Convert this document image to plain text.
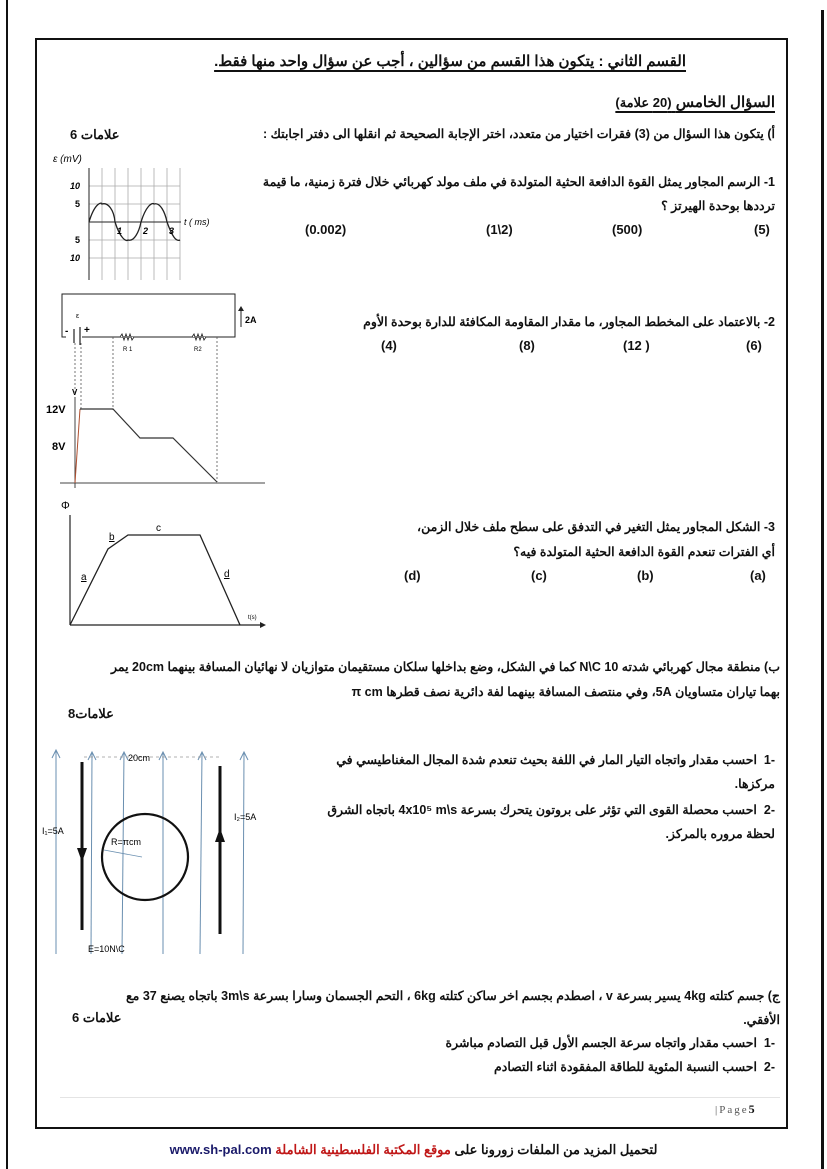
القسم الثاني : يتكون هذا القسم من سؤالين ، أجب عن سؤال واحد منها فقط.
السؤال الخامس (20 علامة)
أ) يتكون هذا السؤال من (3) فقرات اختيار من متعدد، اختر الإجابة الصحيحة ثم انقلها الى دفتر اجابتك :
6 علامات
1- الرسم المجاور يمثل القوة الدافعة الحثية المتولدة في ملف مولد كهربائي خلال فترة زمنية، ما قيمة ترددها بوحدة الهيرتز ؟
(5)
(500)
(1\2)
(0.002)
ε (mV)
t ( ms)
10
5
5
10
1 2 3
2- بالاعتماد على المخطط المجاور، ما مقدار المقاومة المكافئة للدارة بوحدة الأوم
(6)
(12 )
(8)
(4)
ε
- +
R 1	R2
2A
V
12V
8V
3- الشكل المجاور يمثل التغير في التدفق على سطح ملف خلال الزمن،
أي الفترات تنعدم القوة الدافعة الحثية المتولدة فيه؟
(a)
(b)
(c)
(d)
Φ
t(s)
a
b
c
d
ب) منطقة مجال كهربائي شدته N\C 10 كما في الشكل، وضع بداخلها سلكان مستقيمان متوازيان لا نهائيان المسافة بينهما 20cm يمر
بهما تياران متساويان 5A، وفي منتصف المسافة بينهما لفة دائرية نصف قطرها π cm
8علامات
-1  احسب مقدار واتجاه التيار المار في اللفة بحيث تنعدم شدة المجال المغناطيسي في مركزها.
-2  احسب محصلة القوى التي تؤثر على بروتون يتحرك بسرعة 4x10⁵ m\s باتجاه الشرق لحظة مروره بالمركز.
20cm
R=πcm
I₁=5A
I₂=5A
E=10N\C
ج) جسم كتلته 4kg يسير بسرعة v ، اصطدم بجسم اخر ساكن كتلته 6kg ، التحم الجسمان وسارا بسرعة 3m\s باتجاه يصنع 37 مع
الأفقي.
6 علامات
-1  احسب مقدار واتجاه سرعة الجسم الأول قبل التصادم مباشرة
-2  احسب النسبة المئوية للطاقة المفقودة اثناء التصادم
|Page5
لتحميل المزيد من الملفات زورونا على موقع المكتبة الفلسطينية الشاملة www.sh-pal.com
